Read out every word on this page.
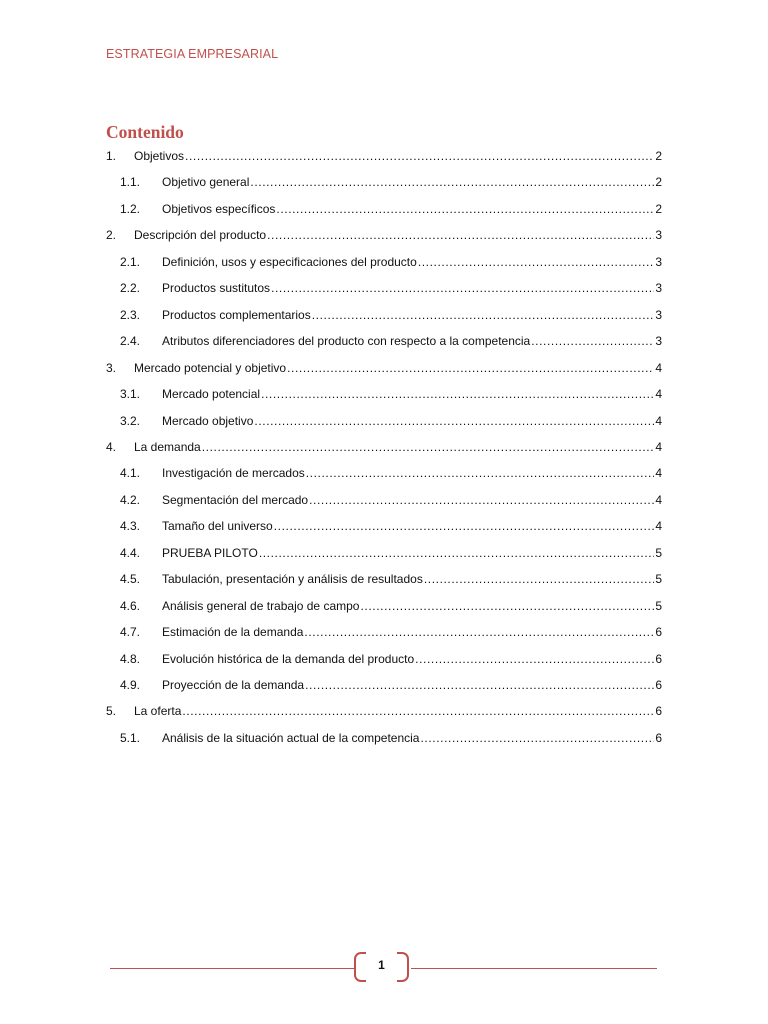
ESTRATEGIA EMPRESARIAL
Contenido
1.	Objetivos .....	2
1.1.	Objetivo general .....	2
1.2.	Objetivos específicos .....	2
2.	Descripción del producto .....	3
2.1.	Definición, usos y especificaciones del producto .....	3
2.2.	Productos sustitutos .....	3
2.3.	Productos complementarios .....	3
2.4.	Atributos diferenciadores del producto con respecto a la competencia .....	3
3.	Mercado potencial y objetivo .....	4
3.1.	Mercado potencial .....	4
3.2.	Mercado objetivo .....	4
4.	La demanda .....	4
4.1.	Investigación de mercados .....	4
4.2.	Segmentación del mercado .....	4
4.3.	Tamaño del universo .....	4
4.4.	PRUEBA PILOTO .....	5
4.5.	Tabulación, presentación y análisis de resultados .....	5
4.6.	Análisis general de trabajo de campo .....	5
4.7.	Estimación de la demanda .....	6
4.8.	Evolución histórica de la demanda del producto .....	6
4.9.	Proyección de la demanda .....	6
5.	La oferta .....	6
5.1.	Análisis de la situación actual de la competencia .....	6
1
